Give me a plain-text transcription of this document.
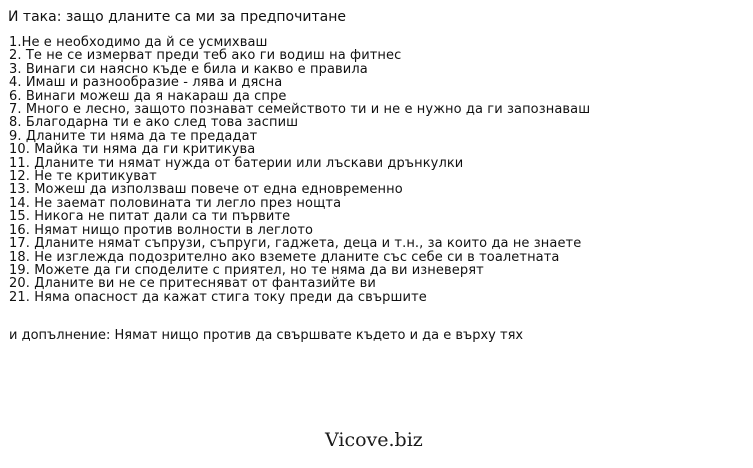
И така: защо дланите са ми за предпочитане
1.Не е необходимо да й се усмихваш
2. Те не се измерват преди теб ако ги водиш на фитнес
3. Винаги си наясно къде е била и какво е правила
4. Имаш и разнообразие - лява и дясна
6. Винаги можеш да я накараш да спре
7. Много е лесно, защото познават семейството ти и не е нужно да ги запознаваш
8. Благодарна ти е ако след това заспиш
9. Дланите ти няма да те предадат
10. Майка ти няма да ги критикува
11. Дланите ти нямат нужда от батерии или лъскави дрънкулки
12. Не те критикуват
13. Можеш да използваш повече от една едновременно
14. Не заемат половината ти легло през нощта
15. Никога не питат дали са ти първите
16. Нямат нищо против волности в леглото
17. Дланите нямат съпрузи, съпруги, гаджета, деца и т.н., за които да не знаете
18. Не изглежда подозрително ако вземете дланите със себе си в тоалетната
19. Можете да ги споделите с приятел, но те няма да ви изневерят
20. Дланите ви не се притесняват от фантазийте ви
21. Няма опасност да кажат стига току преди да свършите
и допълнение: Нямат нищо против да свършвате където и да е върху тях
Vicove.biz
